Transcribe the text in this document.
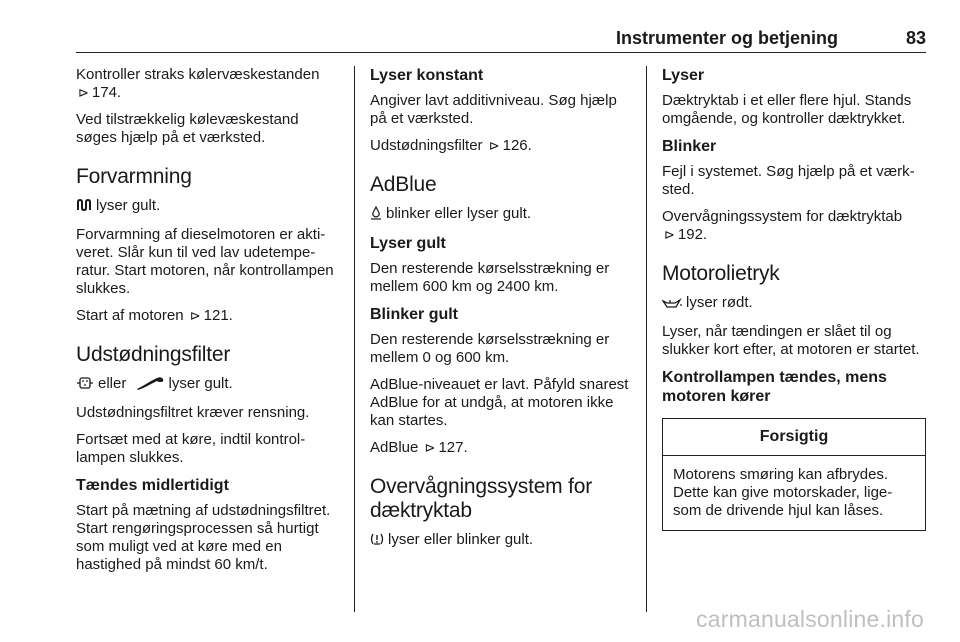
Instrumenter og betjening	83

Kontroller straks kølervæskestanden ⊳ 174.

Ved tilstrækkelig kølevæskestand søges hjælp på et værksted.

Forvarmning

lyser gult.

Forvarmning af dieselmotoren er aktiveret. Slår kun til ved lav udetemperatur. Start motoren, når kontrollampen slukkes.

Start af motoren ⊳ 121.

Udstødningsfilter

eller	lyser gult.

Udstødningsfiltret kræver rensning.

Fortsæt med at køre, indtil kontrollampen slukkes.

Tændes midlertidigt

Start på mætning af udstødningsfiltret. Start rengøringsprocessen så hurtigt som muligt ved at køre med en hastighed på mindst 60 km/t.

Lyser konstant

Angiver lavt additivniveau. Søg hjælp på et værksted.

Udstødningsfilter ⊳ 126.

AdBlue

blinker eller lyser gult.

Lyser gult

Den resterende kørselsstrækning er mellem 600 km og 2400 km.

Blinker gult

Den resterende kørselsstrækning er mellem 0 og 600 km.

AdBlue-niveauet er lavt. Påfyld snarest AdBlue for at undgå, at motoren ikke kan startes.

AdBlue ⊳ 127.

Overvågningssystem for dæktryktab

lyser eller blinker gult.

Lyser

Dæktryktab i et eller flere hjul. Stands omgående, og kontroller dæktrykket.

Blinker

Fejl i systemet. Søg hjælp på et værksted.

Overvågningssystem for dæktryktab ⊳ 192.

Motorolietryk

lyser rødt.

Lyser, når tændingen er slået til og slukker kort efter, at motoren er startet.

Kontrollampen tændes, mens motoren kører
Forsigtig
Motorens smøring kan afbrydes. Dette kan give motorskader, ligesom de drivende hjul kan låses.
carmanualsonline.info
